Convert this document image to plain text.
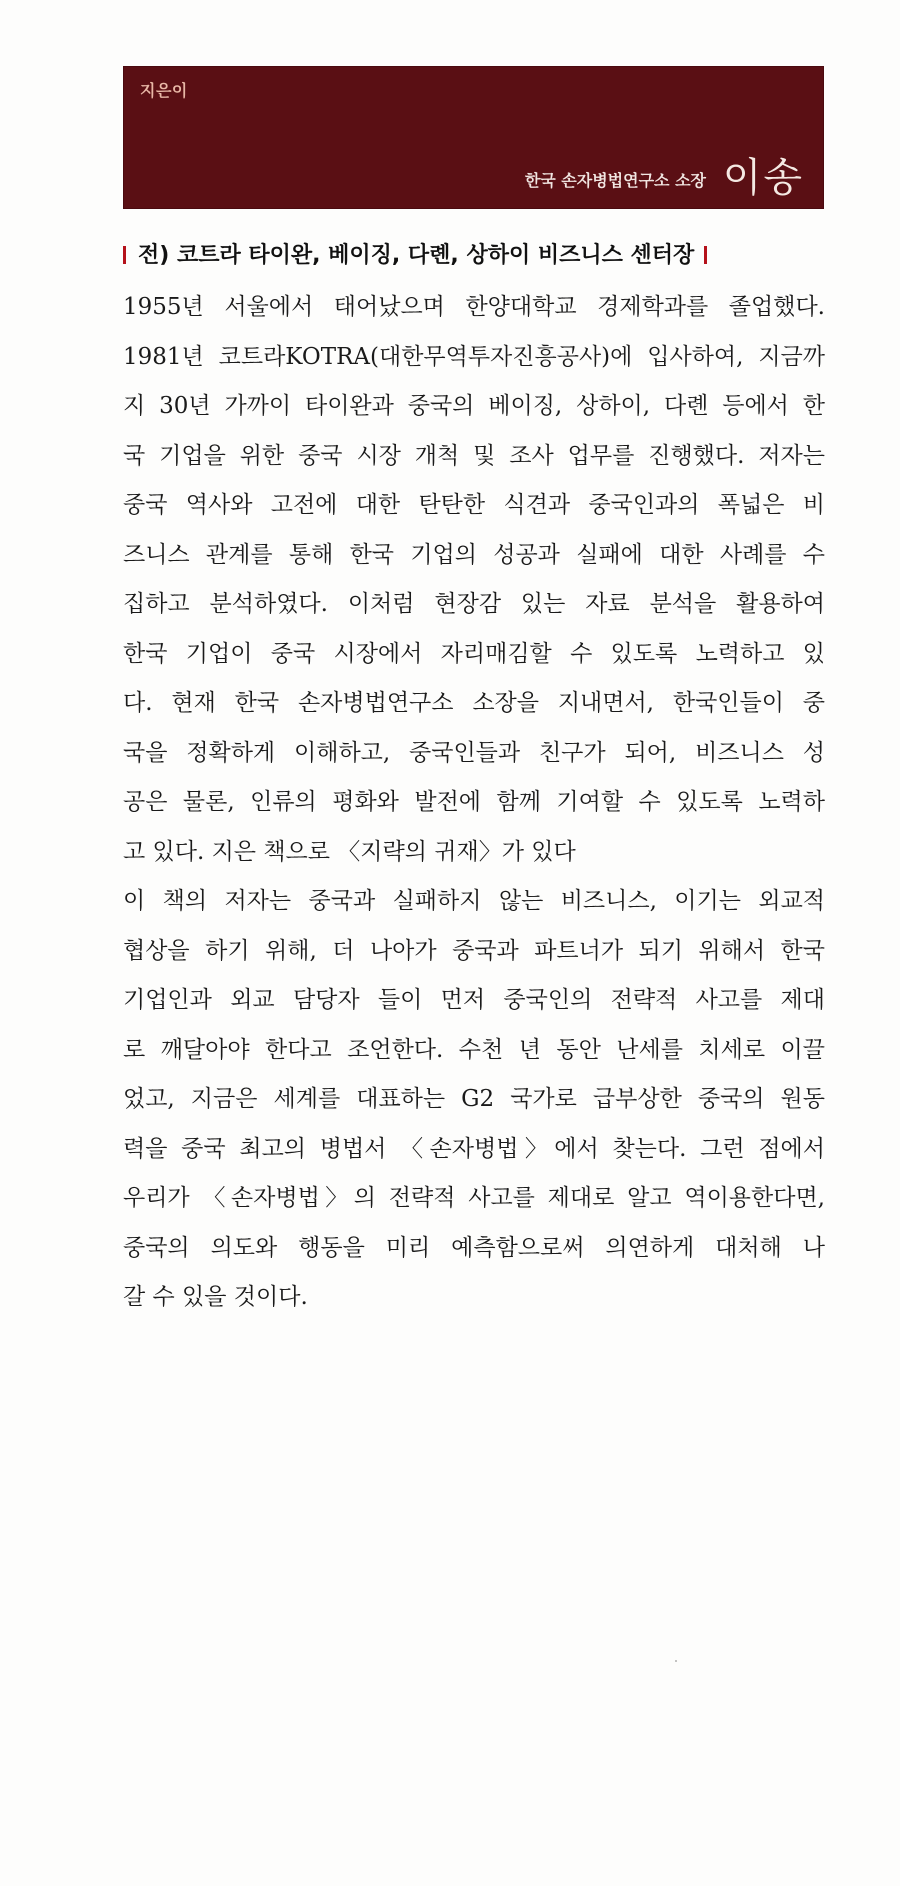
지은이
한국 손자병법연구소 소장 이송
전) 코트라 타이완, 베이징, 다롄, 상하이 비즈니스 센터장

1955년 서울에서 태어났으며 한양대학교 경제학과를 졸업했다.

1981년 코트라KOTRA(대한무역투자진흥공사)에 입사하여, 지금까

지 30년 가까이 타이완과 중국의 베이징, 상하이, 다롄 등에서 한

국 기업을 위한 중국 시장 개척 및 조사 업무를 진행했다. 저자는

중국 역사와 고전에 대한 탄탄한 식견과 중국인과의 폭넓은 비

즈니스 관계를 통해 한국 기업의 성공과 실패에 대한 사례를 수

집하고 분석하였다. 이처럼 현장감 있는 자료 분석을 활용하여

한국 기업이 중국 시장에서 자리매김할 수 있도록 노력하고 있

다. 현재 한국 손자병법연구소 소장을 지내면서, 한국인들이 중

국을 정확하게 이해하고, 중국인들과 친구가 되어, 비즈니스 성

공은 물론, 인류의 평화와 발전에 함께 기여할 수 있도록 노력하

고 있다. 지은 책으로 〈지략의 귀재〉가 있다

이 책의 저자는 중국과 실패하지 않는 비즈니스, 이기는 외교적

협상을 하기 위해, 더 나아가 중국과 파트너가 되기 위해서 한국

기업인과 외교 담당자 들이 먼저 중국인의 전략적 사고를 제대

로 깨달아야 한다고 조언한다. 수천 년 동안 난세를 치세로 이끌

었고, 지금은 세계를 대표하는 G2 국가로 급부상한 중국의 원동

력을 중국 최고의 병법서 〈손자병법〉에서 찾는다. 그런 점에서

우리가 〈손자병법〉의 전략적 사고를 제대로 알고 역이용한다면,

중국의 의도와 행동을 미리 예측함으로써 의연하게 대처해 나

갈 수 있을 것이다.
